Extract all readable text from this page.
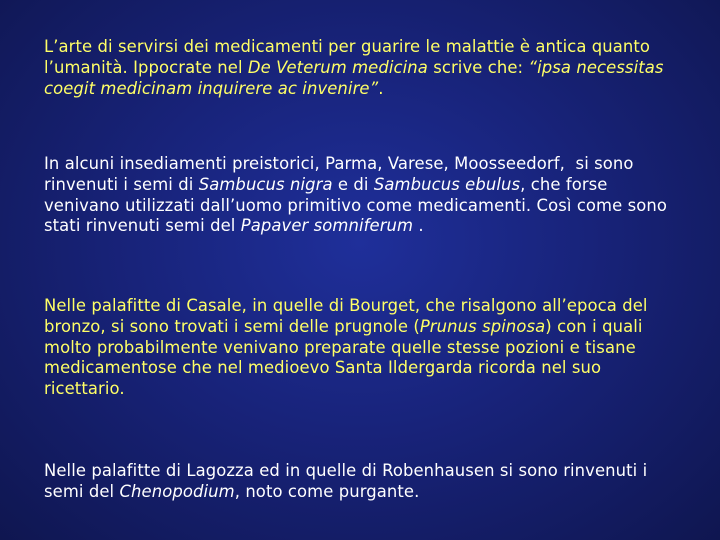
L’arte di servirsi dei medicamenti per guarire le malattie è antica quanto l’umanità. Ippocrate nel De Veterum medicina scrive che: “ipsa necessitas coegit medicinam inquirere ac invenire”.

In alcuni insediamenti preistorici, Parma, Varese, Moosseedorf,  si sono rinvenuti i semi di Sambucus nigra e di Sambucus ebulus, che forse venivano utilizzati dall’uomo primitivo come medicamenti. Così come sono stati rinvenuti semi del Papaver somniferum .

Nelle palafitte di Casale, in quelle di Bourget, che risalgono all’epoca del bronzo, si sono trovati i semi delle prugnole (Prunus spinosa) con i quali molto probabilmente venivano preparate quelle stesse pozioni e tisane medicamentose che nel medioevo Santa Ildergarda ricorda nel suo ricettario.

Nelle palafitte di Lagozza ed in quelle di Robenhausen si sono rinvenuti i semi del Chenopodium, noto come purgante.
